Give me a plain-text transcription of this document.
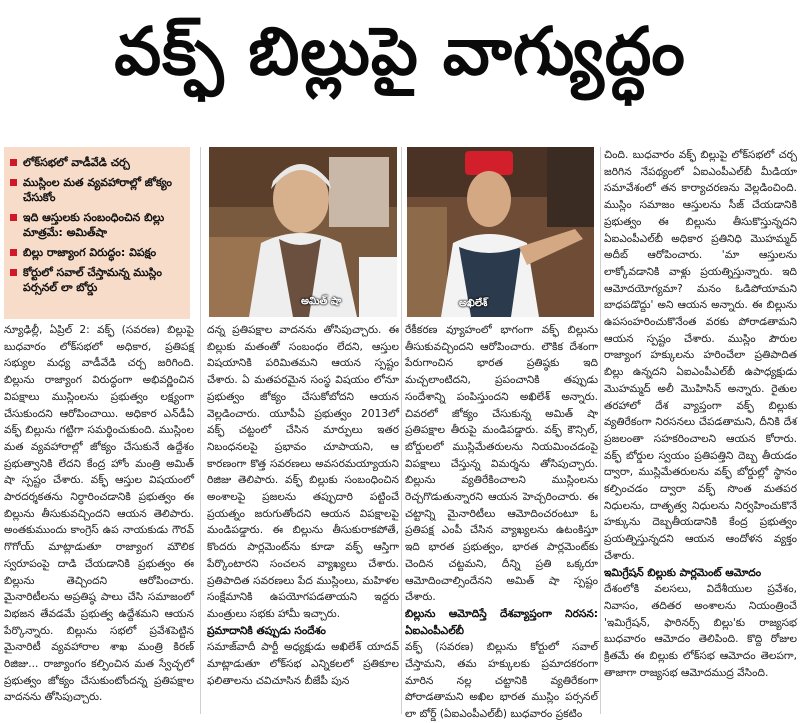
వక్ఫ్ బిల్లుపై వాగ్యుద్ధం
లోక్‌సభలో వాడీవేడి చర్చ
ముస్లింల మత వ్యవహారాల్లో జోక్యం చేసుకోం
ఇది ఆస్తులకు సంబంధించిన బిల్లు మాత్రమే: అమిత్‌షా
బిల్లు రాజ్యాంగ విరుద్ధం: విపక్షం
కోర్టులో సవాల్ చేస్తామన్న ముస్లిం పర్సనల్ లా బోర్డు
అమిత్ షా	అఖిలేశ్

న్యూఢిల్లీ, ఏప్రిల్ 2: వక్ఫ్ (సవరణ) బిల్లుపై బుధవారం లోక్‌సభలో అధికార, ప్రతిపక్ష సభ్యుల మధ్య వాడీవేడి చర్చ జరిగింది. బిల్లును రాజ్యాంగ విరుద్ధంగా అభివర్ణించిన విపక్షాలు ముస్లింలను ప్రభుత్వం లక్ష్యంగా చేసుకుందని ఆరోపించాయి. అధికార ఎన్‌డీఏ వక్ఫ్ బిల్లును గట్టిగా సమర్థించుకుంది. ముస్లింల మత వ్యవహారాల్లో జోక్యం చేసుకునే ఉద్దేశం ప్రభుత్వానికి లేదని కేంద్ర హోం మంత్రి అమిత్ షా స్పష్టం చేశారు. వక్ఫ్ ఆస్తుల విషయంలో పారదర్శకతను నిర్ధారించడానికి ప్రభుత్వం ఈ బిల్లును తీసుకువచ్చిందని ఆయన తెలిపారు. అంతకుముందు కాంగ్రెస్ ఉప నాయకుడు గౌరవ్ గొగోయ్ మాట్లాడుతూ రాజ్యాంగ మౌలిక స్వరూపంపై దాడి చేయడానికి ప్రభుత్వం ఈ బిల్లును తెచ్చిందని ఆరోపించారు. మైనారిటీలను అప్రతిష్ఠ పాలు చేసి సమాజంలో విభజన తేవడమే ప్రభుత్వ ఉద్దేశమని ఆయన పేర్కొన్నారు. బిల్లును సభలో ప్రవేశపెట్టిన మైనారిటీ వ్యవహారాల శాఖ మంత్రి కిరణ్ రిజిజు... రాజ్యాంగం కల్పించిన మత స్వేచ్ఛలో ప్రభుత్వం జోక్యం చేసుకుంటోందన్న ప్రతిపక్షాల వాదనను తోసిపుచ్చారు.

దన్న ప్రతిపక్షాల వాదనను తోసిపుచ్చారు. ఈ బిల్లుకు మతంతో సంబంధం లేదని, ఆస్తుల విషయానికి పరిమితమని ఆయన స్పష్టం చేశారు. ఏ మతపరమైన సంస్థ విషయం లోనూ ప్రభుత్వం జోక్యం చేసుకోబోదని ఆయన వెల్లడించారు. యూపీఏ ప్రభుత్వం 2013లో వక్ఫ్ చట్టంలో చేసిన మార్పులు ఇతర నిబంధనలపై ప్రభావం చూపాయని, ఆ కారణంగా కొత్త సవరణలు అవసరమయ్యాయని రిజిజు తెలిపారు. వక్ఫ్ బిల్లుకు సంబంధించిన అంశాలపై ప్రజలను తప్పుదారి పట్టించే ప్రయత్నం జరుగుతోందని ఆయన విపక్షాలపై మండిపడ్డారు. ఈ బిల్లును తీసుకురాకపోతే, కొందరు పార్లమెంట్‌ను కూడా వక్ఫ్ ఆస్తిగా పేర్కొంటారని సంచలన వ్యాఖ్యలు చేశారు. ప్రతిపాదిత సవరణలు పేద ముస్లింలు, మహిళల సంక్షేమానికి ఉపయోగపడతాయని ఇద్దరు మంత్రులు సభకు హామీ ఇచ్చారు.

ప్రమాదానికి తప్పుడు సందేశం

సమాజ్‌వాదీ పార్టీ అధ్యక్షుడు అఖిలేశ్ యాదవ్ మాట్లాడుతూ లోక్‌సభ ఎన్నికలలో ప్రతికూల ఫలితాలను చవిచూసిన బీజేపీ పున

రేకీకరణ వ్యూహంలో భాగంగా వక్ఫ్ బిల్లును తీసుకువచ్చిందని ఆరోపించారు. లౌకిక దేశంగా పేరుగాంచిన భారత ప్రతిష్ఠకు ఇది మచ్చలాంటిదని, ప్రపంచానికి తప్పుడు సందేశాన్ని పంపిస్తుందని అఖిలేశ్ అన్నారు. చివరలో జోక్యం చేసుకున్న అమిత్ షా ప్రతిపక్షాల తీరుపై మండిపడ్డారు. వక్ఫ్ కౌన్సిల్, బోర్డులలో ముస్లిమేతరులను నియమించడంపై విపక్షాలు చేస్తున్న విమర్శను తోసిపుచ్చారు. బిల్లును వ్యతిరేకించాలని ముస్లింలను రెచ్చగొడుతున్నారని ఆయన హెచ్చరించారు. ఈ చట్టాన్ని మైనారిటీలు ఆమోదించరంటూ ఓ ప్రతిపక్ష ఎంపీ చేసిన వ్యాఖ్యలను ఉటంకిస్తూ ఇది భారత ప్రభుత్వం, భారత పార్లమెంట్‌కు చెందిన చట్టమని, దీన్ని ప్రతి ఒక్కరూ ఆమోదించాల్సిందేనని అమిత్ షా స్పష్టం చేశారు.

బిల్లును ఆమోదిస్తే దేశవ్యాప్తంగా నిరసన: ఏఐఎంపీఎల్‌బీ

వక్ఫ్ (సవరణ) బిల్లును కోర్టులో సవాల్ చేస్తామని, తమ హక్కులకు ప్రమాదకరంగా మారిన నల్ల చట్టానికి వ్యతిరేకంగా పోరాడతామని అఖిల భారత ముస్లిం పర్సనల్ లా బోర్డ్ (ఏఐఎంపీఎల్‌బీ) బుధవారం ప్రకటిం

చింది. బుధవారం వక్ఫ్ బిల్లుపై లోక్‌సభలో చర్చ జరిగిన నేపథ్యంలో ఏఐఎంపీఎల్‌బీ మీడియా సమావేశంలో తన కార్యాచరణను వెల్లడించింది. ముస్లిం సమాజం ఆస్తులను సీజ్ చేయడానికి ప్రభుత్వం ఈ బిల్లును తీసుకొస్తున్నదని ఏఐఎంపీఎల్‌బీ అధికార ప్రతినిధి మొహమ్మద్ అదీబ్ ఆరోపించారు. 'మా ఆస్తులను లాక్కోవడానికి వాళ్లు ప్రయత్నిస్తున్నారు. ఇది ఆమోదయోగ్యమా? మనం ఓడిపోయామని బాధపడొద్దు' అని ఆయన అన్నారు. ఈ బిల్లును ఉపసంహరించుకొనేంత వరకు పోరాడతామని ఆయన స్పష్టం చేశారు. ముస్లిం పౌరుల రాజ్యాంగ హక్కులను హరించేలా ప్రతిపాదిత బిల్లు ఉన్నదని ఏఐఎంపీఎల్‌బీ ఉపాధ్యక్షుడు మొహమ్మద్ అలీ మొహిసిన్ అన్నారు. రైతుల తరహాలో దేశ వ్యాప్తంగా వక్ఫ్ బిల్లుకు వ్యతిరేకంగా నిరసనలు చేపడతామని, దీనికి దేశ ప్రజలంతా సహకరించాలని ఆయన కోరారు. వక్ఫ్ బోర్డుల స్వయం ప్రతిపత్తిని దెబ్బ తీయడం ద్వారా, ముస్లిమేతరులను వక్ఫ్ బోర్డుల్లో స్థానం కల్పించడం ద్వారా వక్ఫ్ సొంత మతపర నిధులను, దాతృత్వ నిధులను నిర్వహించుకొనే హక్కును దెబ్బతీయడానికి కేంద్ర ప్రభుత్వం ప్రయత్నిస్తున్నదని ఆయన ఆందోళన వ్యక్తం చేశారు.

ఇమిగ్రేషన్ బిల్లుకు పార్లమెంట్ ఆమోదం

దేశంలోకి వలసలు, విదేశీయుల ప్రవేశం, నివాసం, తదితర అంశాలను నియంత్రించే 'ఇమిగ్రేషన్, ఫారినర్స్ బిల్లు'కు రాజ్యసభ బుధవారం ఆమోదం తెలిపింది. కొద్ది రోజుల క్రితమే ఈ బిల్లుకు లోక్‌సభ ఆమోదం తెలపగా, తాజాగా రాజ్యసభ ఆమోదముద్ర వేసింది.
